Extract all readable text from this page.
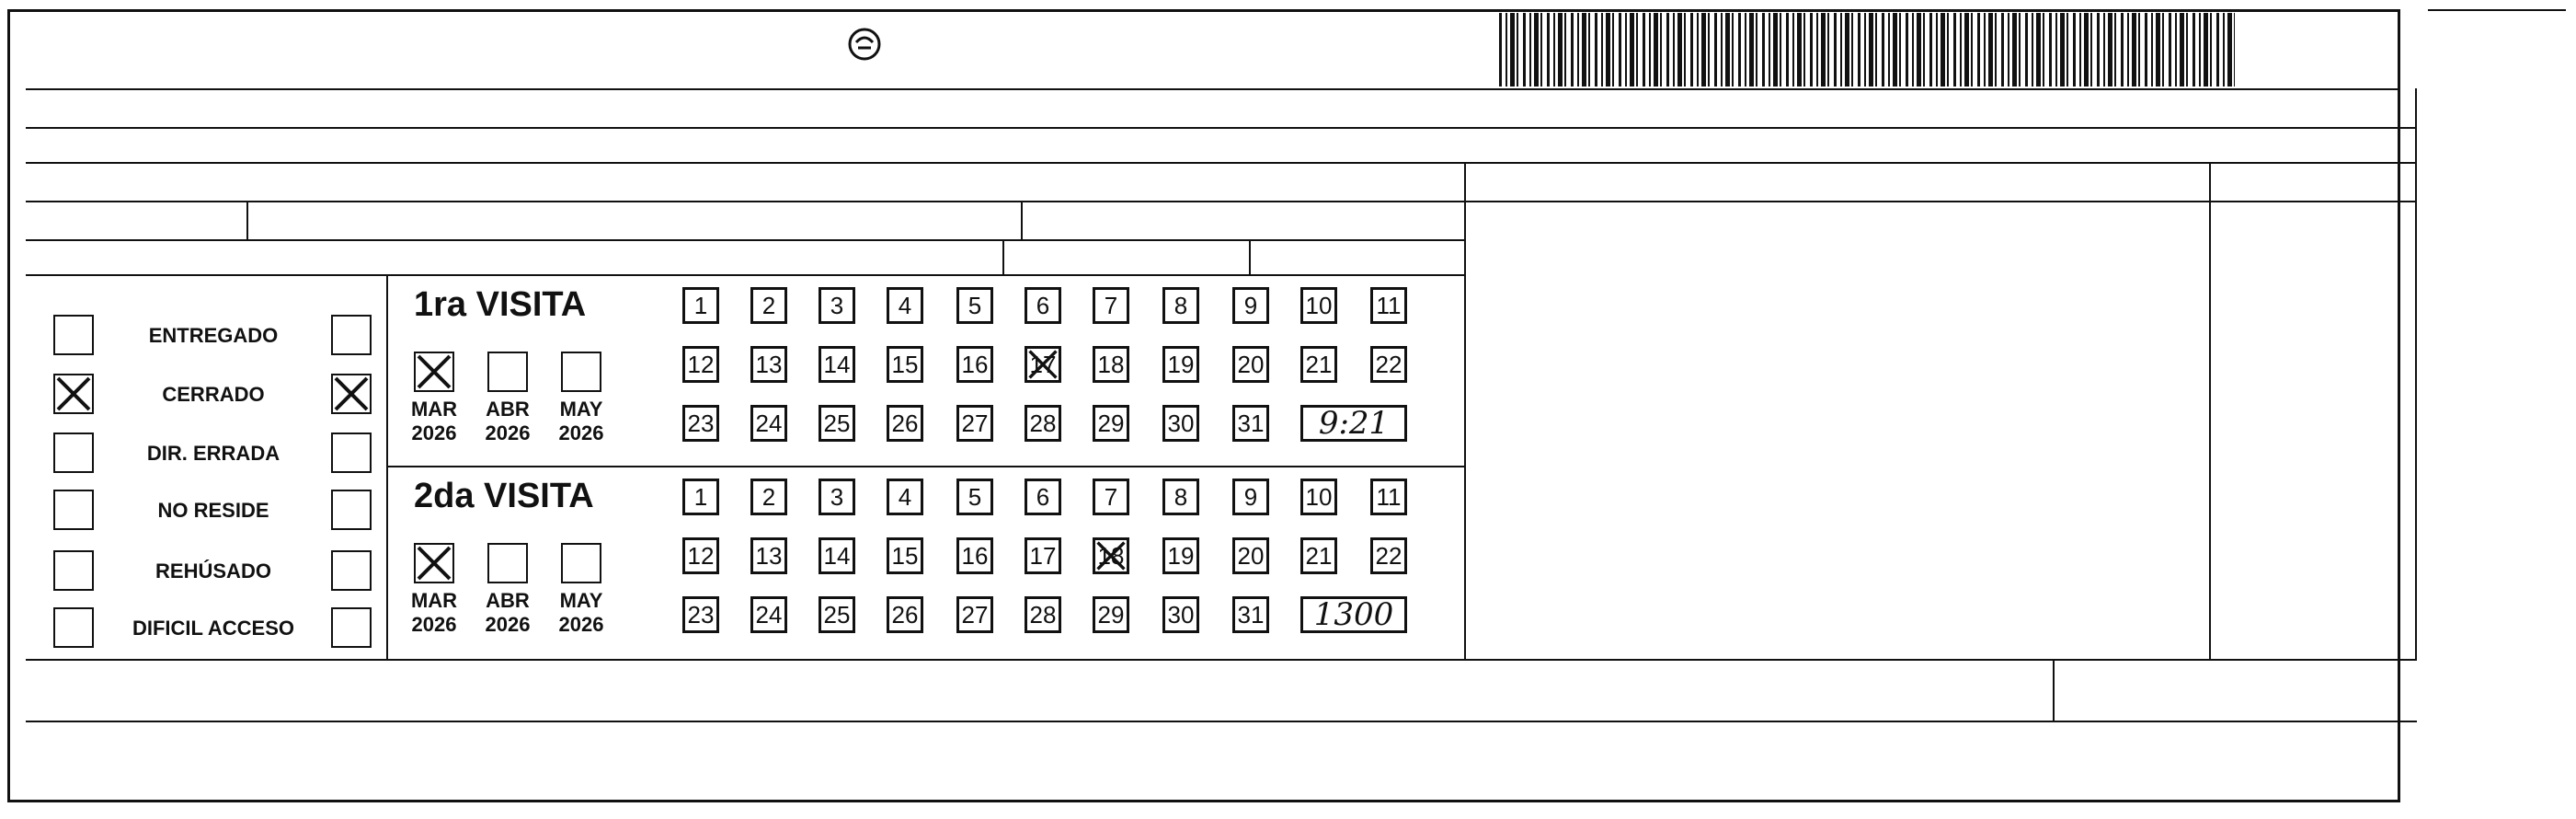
ENTREGADO
CERRADO
DIR. ERRADA
NO RESIDE
REHÚSADO
DIFICIL ACCESO
1ra VISITA
MAR
2026
ABR
2026
MAY
2026
1 2 3 4 5 6 7 8 9 10 11
12 13 14 15 16 17 18 19 20 21 22
23 24 25 26 27 28 29 30 31	9:21
2da VISITA
MAR
2026
ABR
2026
MAY
2026
1 2 3 4 5 6 7 8 9 10 11
12 13 14 15 16 17 18 19 20 21 22
23 24 25 26 27 28 29 30 31	1300
